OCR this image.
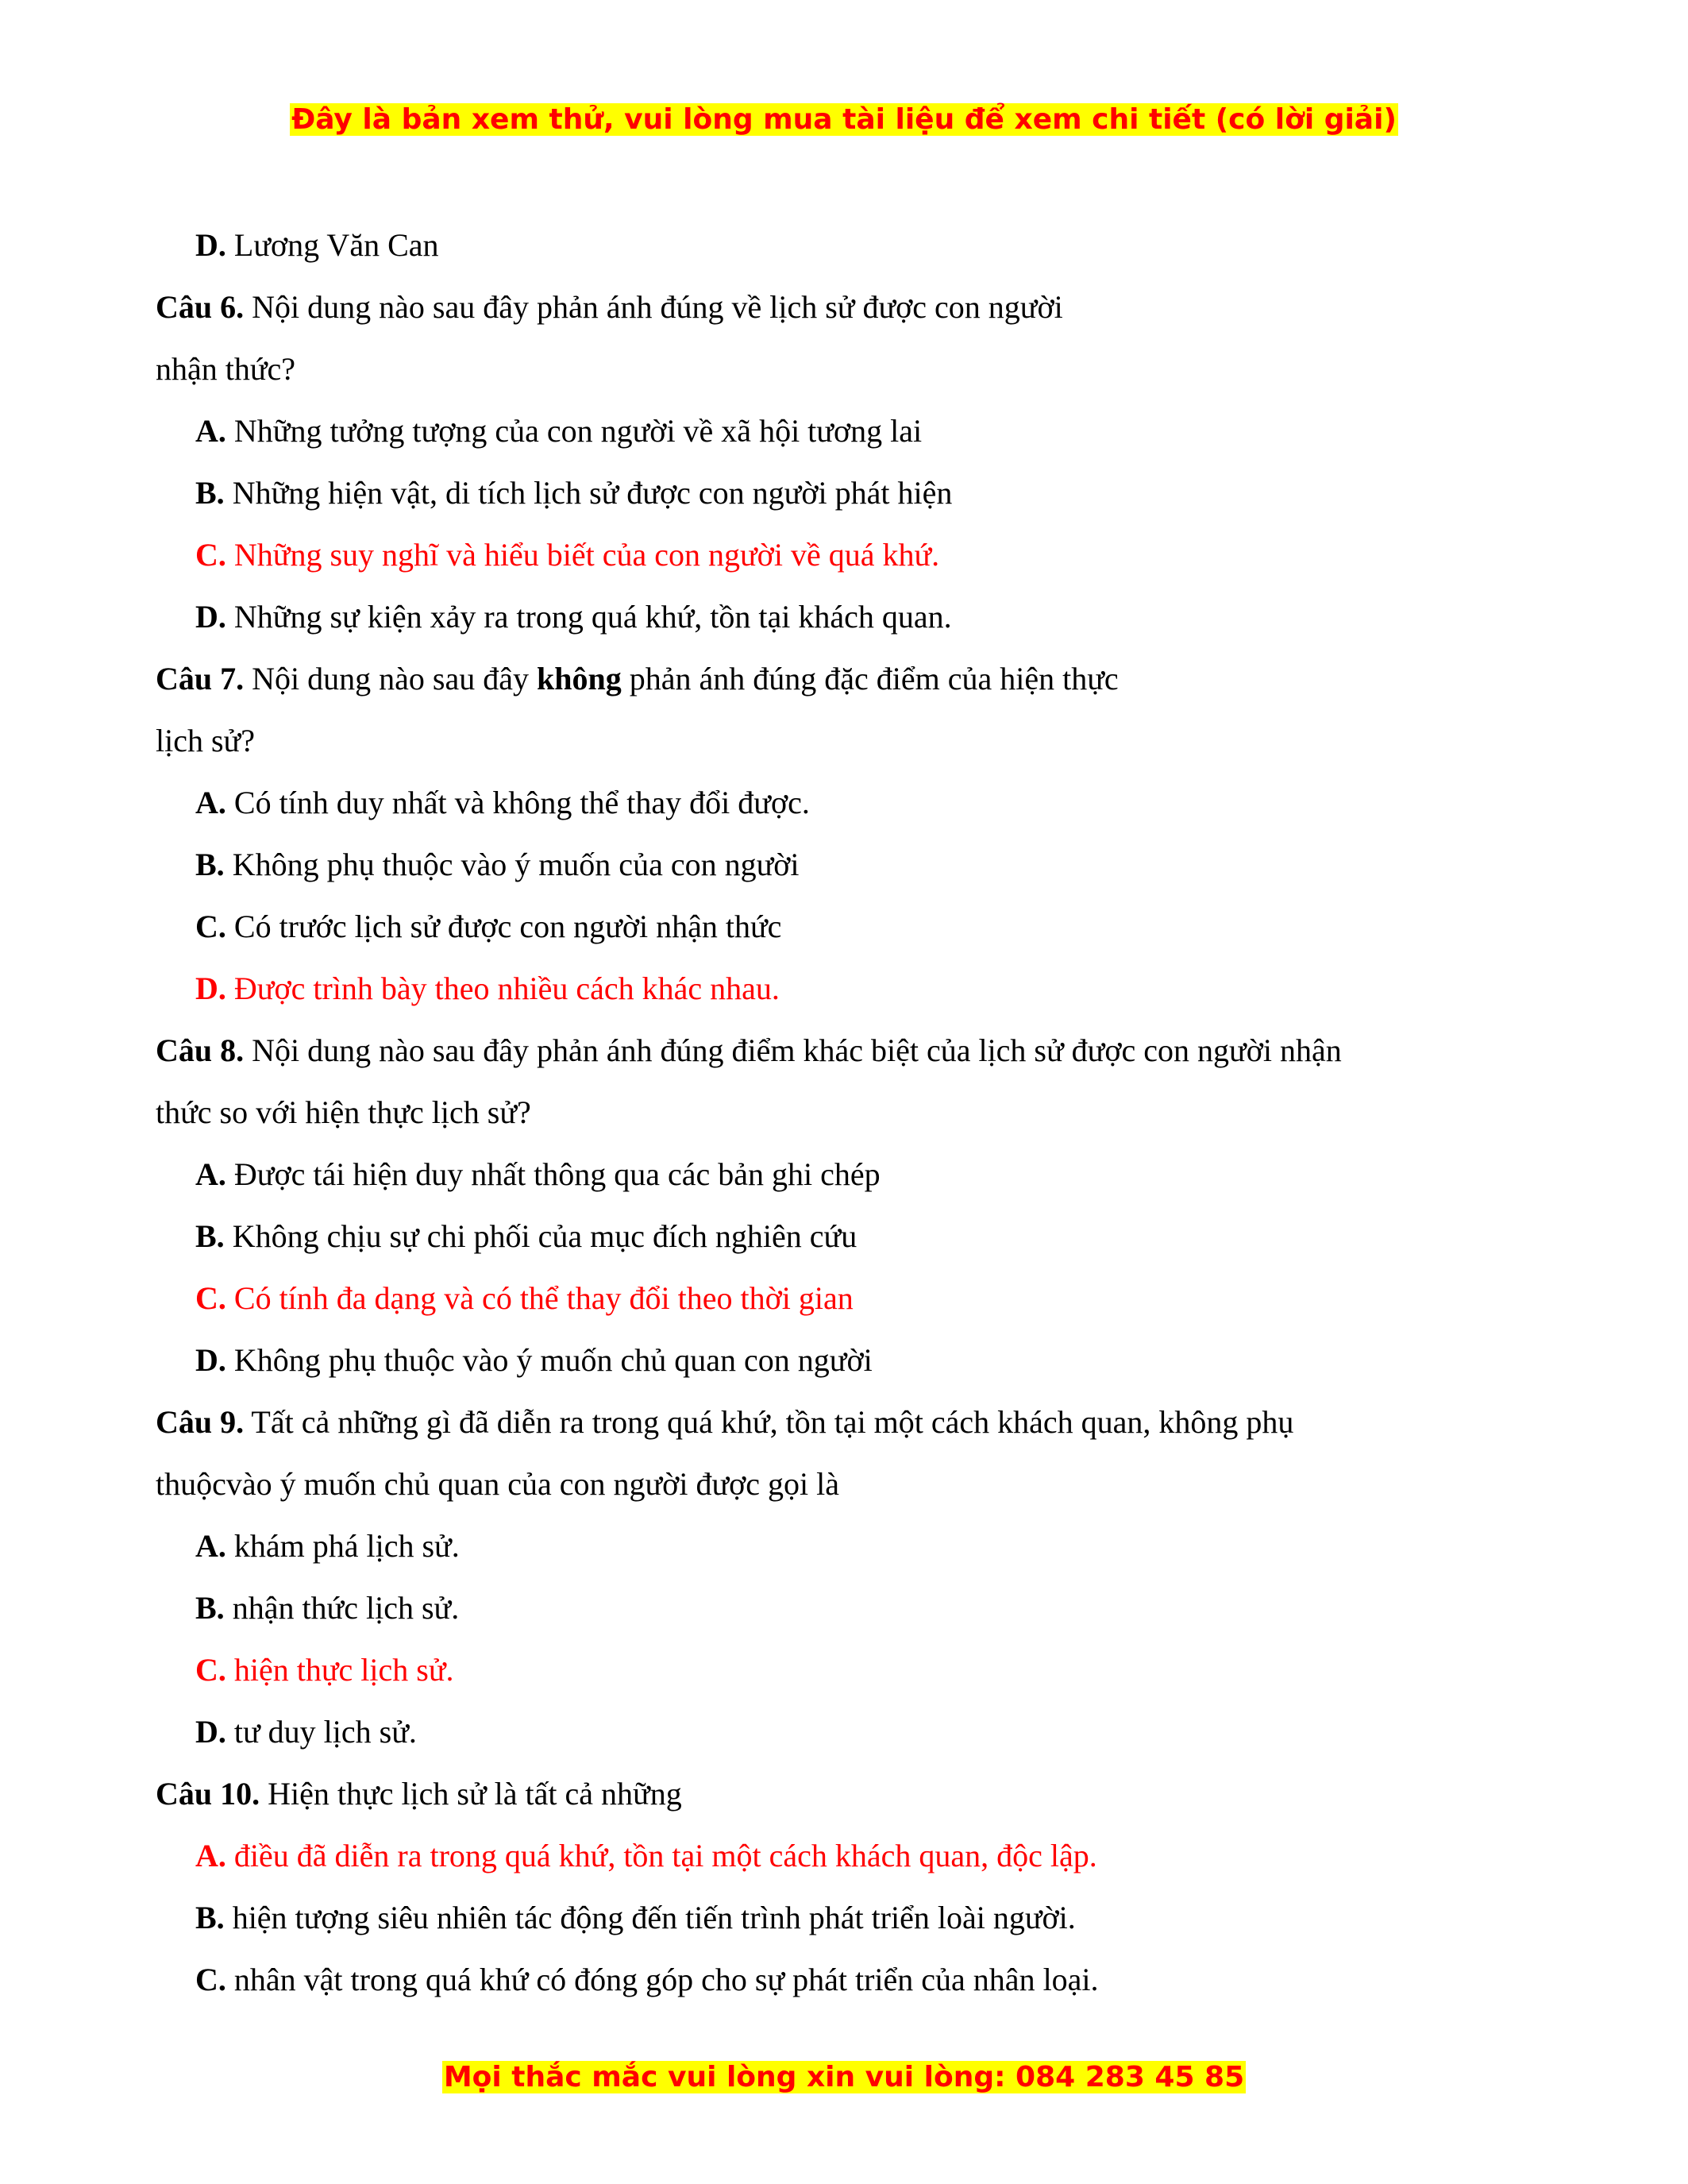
Đây là bản xem thử, vui lòng mua tài liệu để xem chi tiết (có lời giải)
D. Lương Văn Can
Câu 6. Nội dung nào sau đây phản ánh đúng về lịch sử được con người
nhận thức?
A. Những tưởng tượng của con người về xã hội tương lai
B. Những hiện vật, di tích lịch sử được con người phát hiện
C. Những suy nghĩ và hiểu biết của con người về quá khứ.
D. Những sự kiện xảy ra trong quá khứ, tồn tại khách quan.
Câu 7. Nội dung nào sau đây không phản ánh đúng đặc điểm của hiện thực
lịch sử?
A. Có tính duy nhất và không thể thay đổi được.
B. Không phụ thuộc vào ý muốn của con người
C. Có trước lịch sử được con người nhận thức
D. Được trình bày theo nhiều cách khác nhau.
Câu 8. Nội dung nào sau đây phản ánh đúng điểm khác biệt của lịch sử được con người nhận
thức so với hiện thực lịch sử?
A. Được tái hiện duy nhất thông qua các bản ghi chép
B. Không chịu sự chi phối của mục đích nghiên cứu
C. Có tính đa dạng và có thể thay đổi theo thời gian
D. Không phụ thuộc vào ý muốn chủ quan con người
Câu 9. Tất cả những gì đã diễn ra trong quá khứ, tồn tại một cách khách quan, không phụ
thuộcvào ý muốn chủ quan của con người được gọi là
A. khám phá lịch sử.
B. nhận thức lịch sử.
C. hiện thực lịch sử.
D. tư duy lịch sử.
Câu 10. Hiện thực lịch sử là tất cả những
A. điều đã diễn ra trong quá khứ, tồn tại một cách khách quan, độc lập.
B. hiện tượng siêu nhiên tác động đến tiến trình phát triển loài người.
C. nhân vật trong quá khứ có đóng góp cho sự phát triển của nhân loại.
Mọi thắc mắc vui lòng xin vui lòng: 084 283 45 85
